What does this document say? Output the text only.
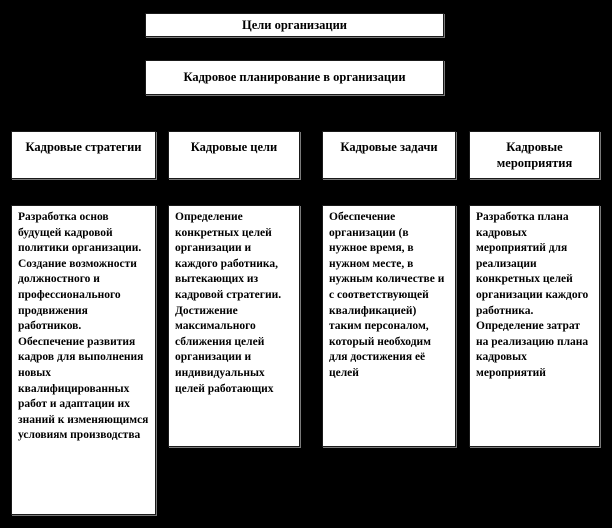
Цели организации
Кадровое планирование в организации
Кадровые стратегии	Кадровые цели	Кадровые задачи	Кадровые мероприятия
Разработка основ будущей кадровой политики организации. Создание возможности должностного и профессионального продвижения работников. Обеспечение развития кадров для выполнения новых квалифицированных работ и адаптации их знаний к изменяющимся условиям производства
Определение конкретных целей организации и каждого работника, вытекающих из кадровой стратегии. Достижение максимального сближения целей организации и индивидуальных целей работающих
Обеспечение организации (в нужное время, в нужном месте, в нужным количестве и с соответствующей квалификацией) таким персоналом, который необходим для достижения её целей
Разработка плана кадровых мероприятий для реализации конкретных целей организации каждого работника. Определение затрат на реализацию плана кадровых мероприятий
